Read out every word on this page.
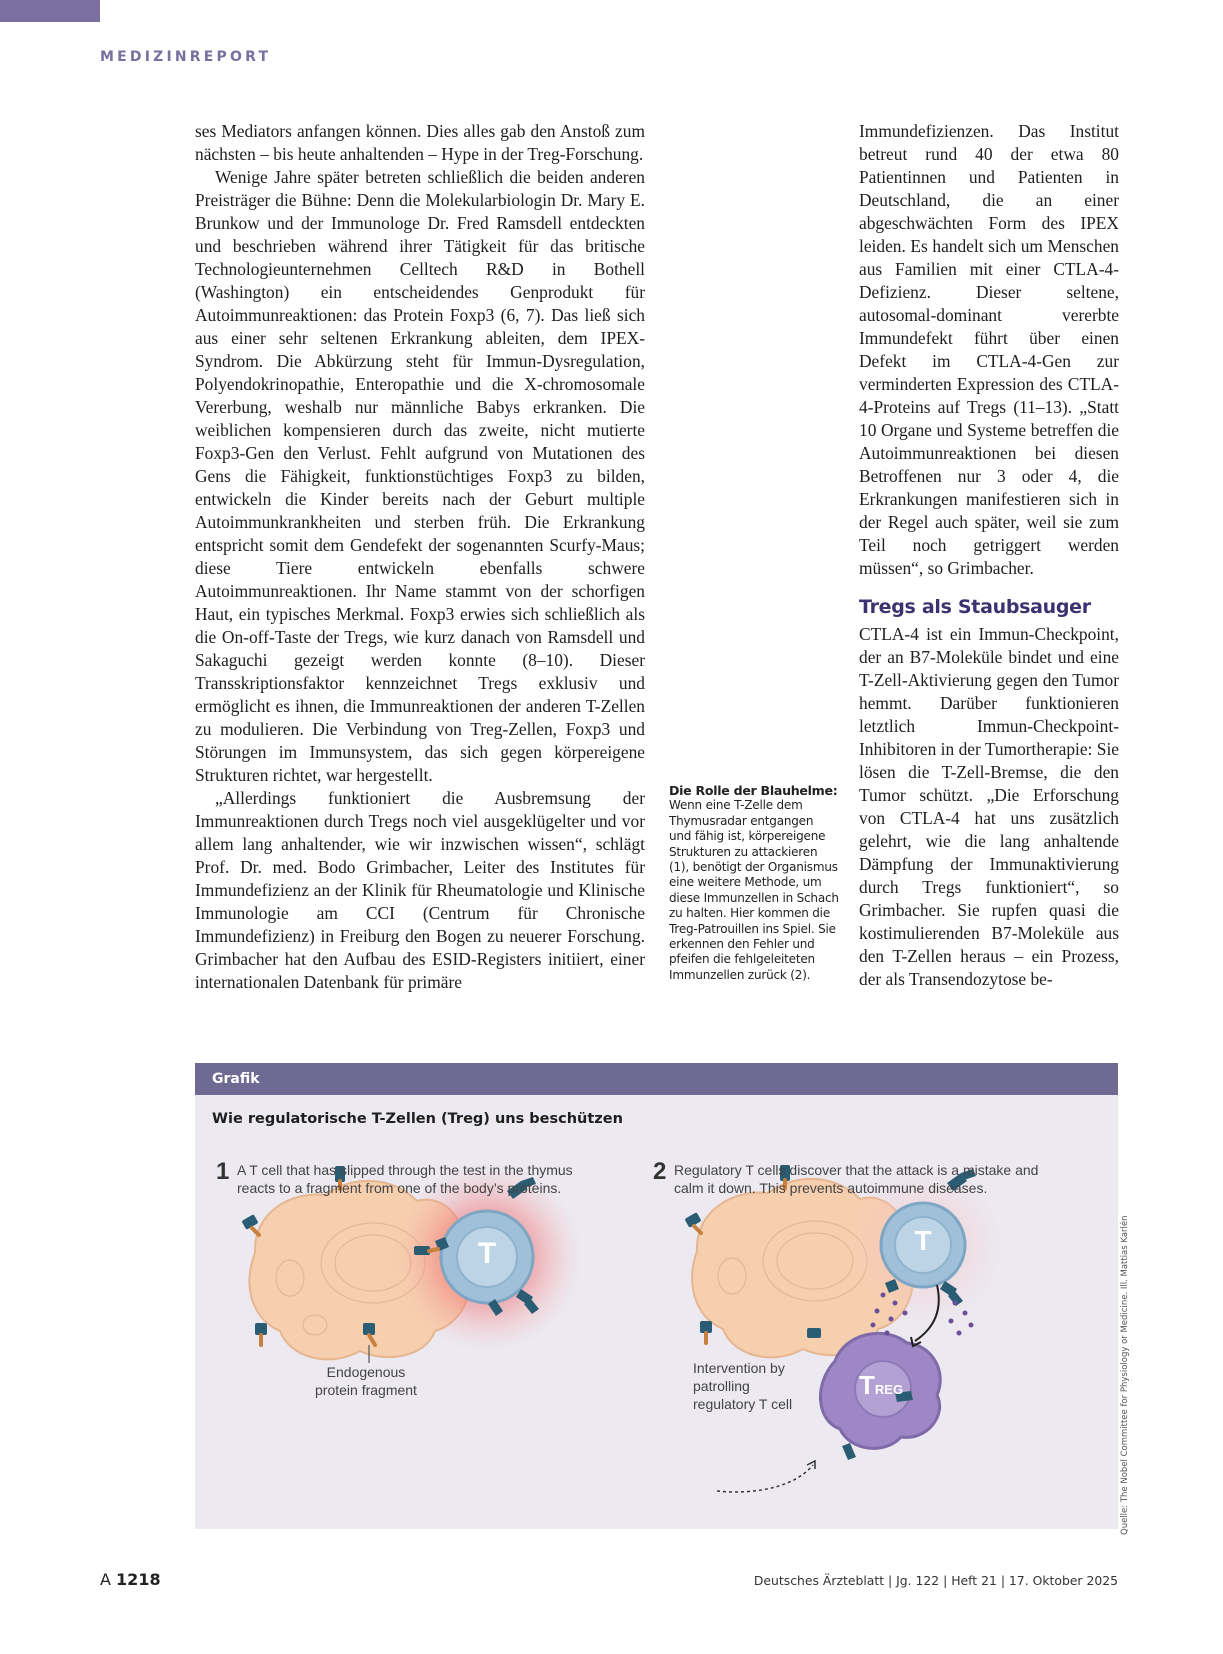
MEDIZINREPORT

ses Mediators anfangen können. Dies alles gab den Anstoß zum nächsten – bis heute anhaltenden – Hype in der Treg-Forschung.

Wenige Jahre später betreten schließlich die beiden anderen Preisträger die Bühne: Denn die Molekularbiologin Dr. Mary E. Brunkow und der Immunologe Dr. Fred Ramsdell entdeckten und beschrieben während ihrer Tätigkeit für das britische Technologieunternehmen Celltech R&D in Bothell (Washington) ein entscheidendes Genprodukt für Autoimmunreaktionen: das Protein Foxp3 (6, 7). Das ließ sich aus einer sehr seltenen Erkrankung ableiten, dem IPEX-Syndrom. Die Abkürzung steht für Immun-Dysregulation, Polyendokrinopathie, Enteropathie und die X-chromosomale Vererbung, weshalb nur männliche Babys erkranken. Die weiblichen kompensieren durch das zweite, nicht mutierte Foxp3-Gen den Verlust. Fehlt aufgrund von Mutationen des Gens die Fähigkeit, funktionstüchtiges Foxp3 zu bilden, entwickeln die Kinder bereits nach der Geburt multiple Autoimmunkrankheiten und sterben früh. Die Erkrankung entspricht somit dem Gendefekt der sogenannten Scurfy-Maus; diese Tiere entwickeln ebenfalls schwere Autoimmunreaktionen. Ihr Name stammt von der schorfigen Haut, ein typisches Merkmal. Foxp3 erwies sich schließlich als die On-off-Taste der Tregs, wie kurz danach von Ramsdell und Sakaguchi gezeigt werden konnte (8–10). Dieser Transskriptionsfaktor kennzeichnet Tregs exklusiv und ermöglicht es ihnen, die Immunreaktionen der anderen T-Zellen zu modulieren. Die Verbindung von Treg-Zellen, Foxp3 und Störungen im Immunsystem, das sich gegen körpereigene Strukturen richtet, war hergestellt.

„Allerdings funktioniert die Ausbremsung der Immunreaktionen durch Tregs noch viel ausgeklügelter und vor allem lang anhaltender, wie wir inzwischen wissen“, schlägt Prof. Dr. med. Bodo Grimbacher, Leiter des Institutes für Immundefizienz an der Klinik für Rheumatologie und Klinische Immunologie am CCI (Centrum für Chronische Immundefizienz) in Freiburg den Bogen zu neuerer Forschung. Grimbacher hat den Aufbau des ESID-Registers initiiert, einer internationalen Datenbank für primäre

Die Rolle der Blauhelme:
Wenn eine T-Zelle dem Thymusradar entgangen und fähig ist, körpereigene Strukturen zu attackieren (1), benötigt der Organismus eine weitere Methode, um diese Immunzellen in Schach zu halten. Hier kommen die Treg-Patrouillen ins Spiel. Sie erkennen den Fehler und pfeifen die fehlgeleiteten Immunzellen zurück (2).

Immundefizienzen. Das Institut betreut rund 40 der etwa 80 Patientinnen und Patienten in Deutschland, die an einer abgeschwächten Form des IPEX leiden. Es handelt sich um Menschen aus Familien mit einer CTLA-4-Defizienz. Dieser seltene, autosomal-dominant vererbte Immundefekt führt über einen Defekt im CTLA-4-Gen zur verminderten Expression des CTLA-4-Proteins auf Tregs (11–13). „Statt 10 Organe und Systeme betreffen die Autoimmunreaktionen bei diesen Betroffenen nur 3 oder 4, die Erkrankungen manifestieren sich in der Regel auch später, weil sie zum Teil noch getriggert werden müssen“, so Grimbacher.

Tregs als Staubsauger

CTLA-4 ist ein Immun-Checkpoint, der an B7-Moleküle bindet und eine T-Zell-Aktivierung gegen den Tumor hemmt. Darüber funktionieren letztlich Immun-Checkpoint-Inhibitoren in der Tumortherapie: Sie lösen die T-Zell-Bremse, die den Tumor schützt. „Die Erforschung von CTLA-4 hat uns zusätzlich gelehrt, wie die lang anhaltende Dämpfung der Immunaktivierung durch Tregs funktioniert“, so Grimbacher. Sie rupfen quasi die kostimulierenden B7-Moleküle aus den T-Zellen heraus – ein Prozess, der als Transendozytose be-

Grafik
Wie regulatorische T-Zellen (Treg) uns beschützen
1 A T cell that has slipped through the test in the thymus
reacts to a fragment from one of the body’s proteins.
2 Regulatory T cells discover that the attack is a mistake and
calm it down. This prevents autoimmune diseases.
T	T
TREG
Endogenous
protein fragment
Intervention by
patrolling
regulatory T cell	Quelle: The Nobel Committee for Physiology or Medicine. Ill. Mattias Karlén
A 1218	Deutsches Ärzteblatt | Jg. 122 | Heft 21 | 17. Oktober 2025
